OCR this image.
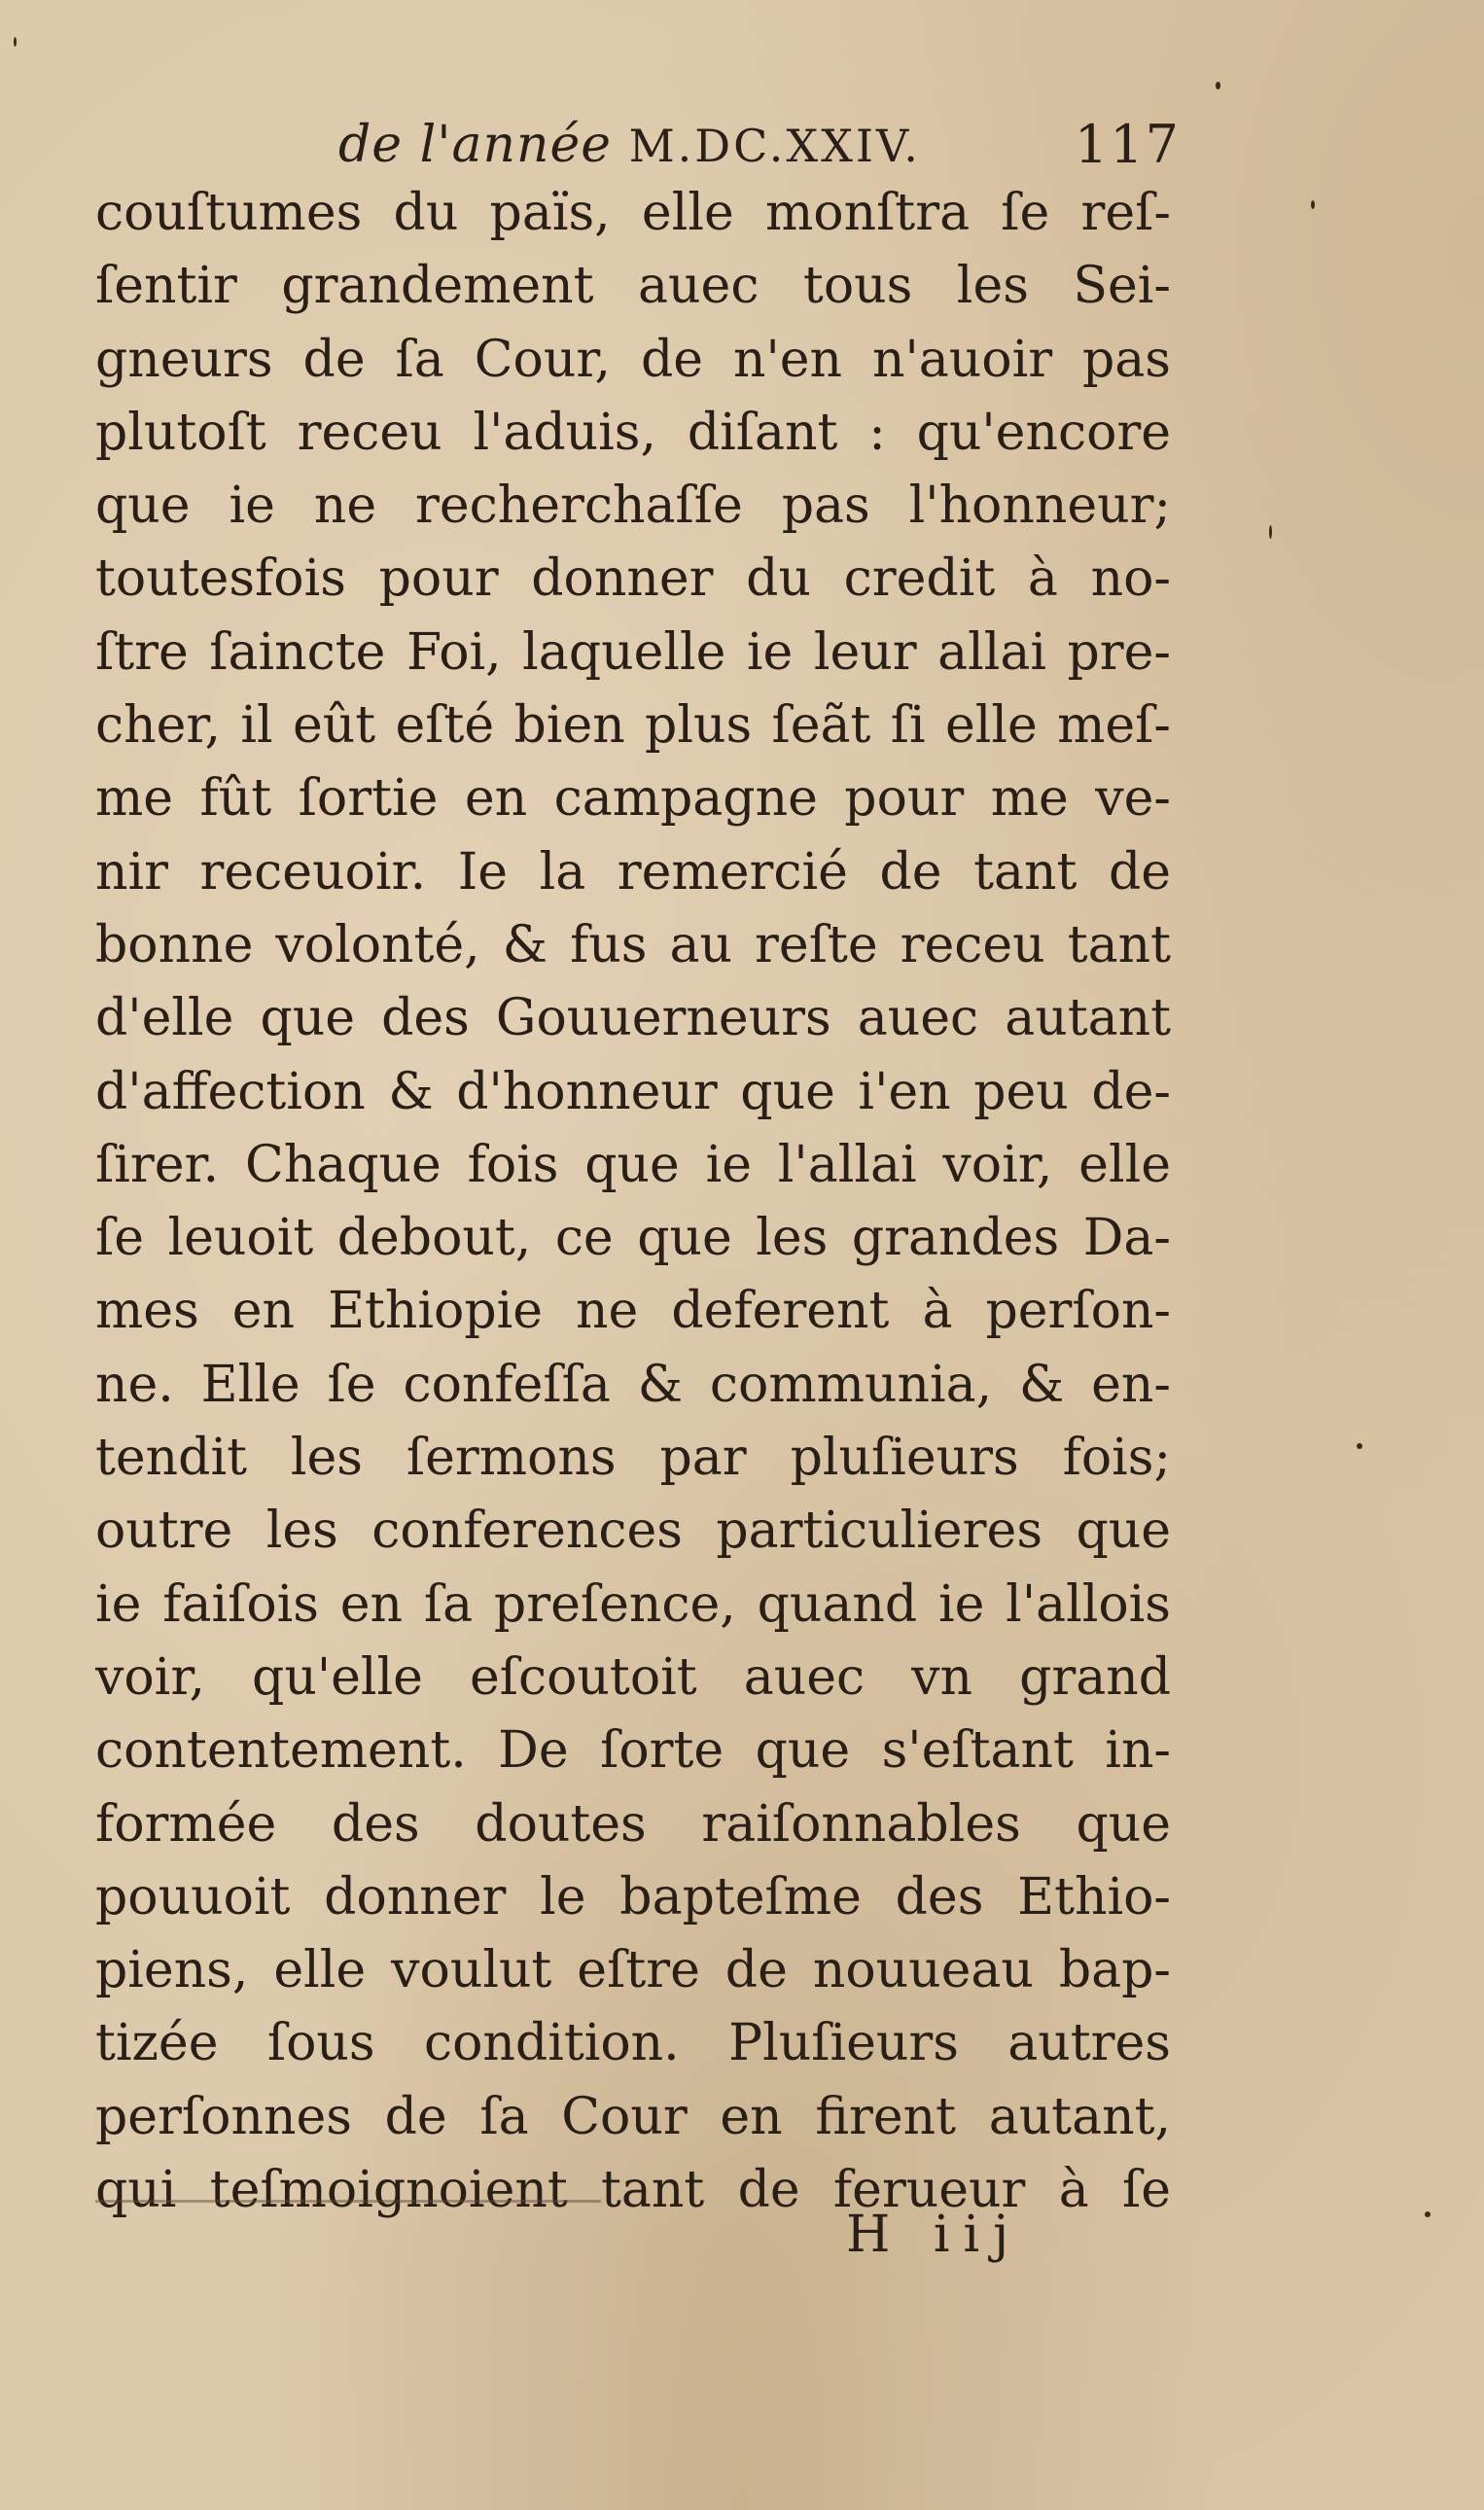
de l'année M.DC.XXIV.	117
couſtumes du païs, elle monſtra ſe reſ-
ſentir grandement auec tous les Sei-
gneurs de ſa Cour, de n'en n'auoir pas
plutoſt receu l'aduis, diſant : qu'encore
que ie ne recherchaſſe pas l'honneur;
toutesfois pour donner du credit à no-
ſtre ſaincte Foi, laquelle ie leur allai pre-
cher, il eût eſté bien plus ſeãt ſi elle meſ-
me fût ſortie en campagne pour me ve-
nir receuoir. Ie la remercié de tant de
bonne volonté, & fus au reſte receu tant
d'elle que des Gouuerneurs auec autant
d'affection & d'honneur que i'en peu de-
ſirer. Chaque fois que ie l'allai voir, elle
ſe leuoit debout, ce que les grandes Da-
mes en Ethiopie ne deferent à perſon-
ne. Elle ſe confeſſa & communia, & en-
tendit les ſermons par pluſieurs fois;
outre les conferences particulieres que
ie faiſois en ſa preſence, quand ie l'allois
voir, qu'elle eſcoutoit auec vn grand
contentement. De ſorte que s'eſtant in-
formée des doutes raiſonnables que
pouuoit donner le bapteſme des Ethio-
piens, elle voulut eſtre de nouueau bap-
tizée ſous condition. Pluſieurs autres
perſonnes de ſa Cour en firent autant,
qui teſmoignoient tant de ferueur à ſe
H iij
